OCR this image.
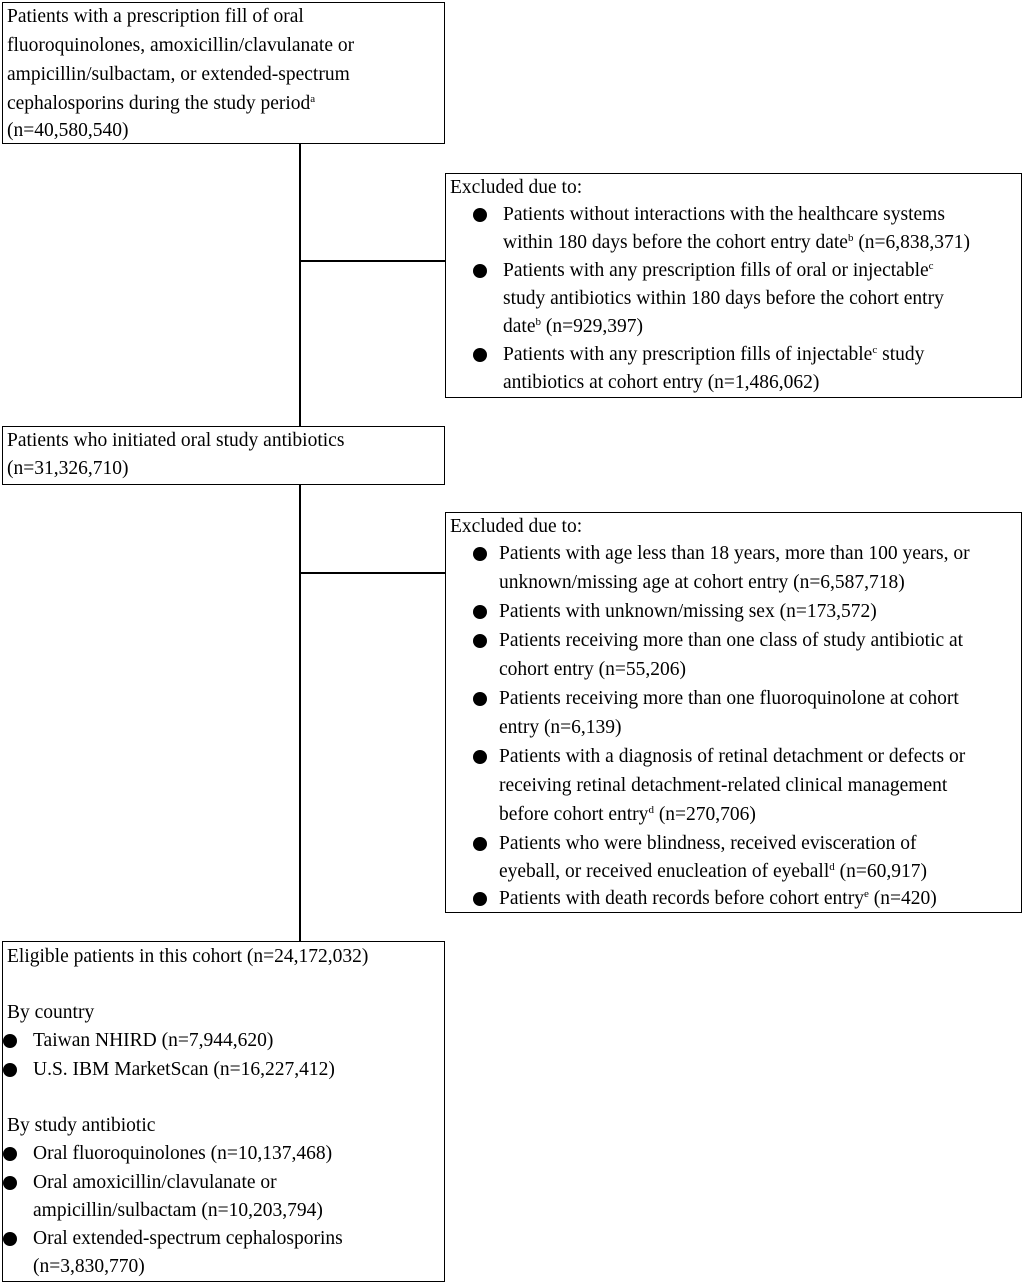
Patients with a prescription fill of oral
fluoroquinolones, amoxicillin/clavulanate or
ampicillin/sulbactam, or extended-spectrum
cephalosporins during the study period$^a$
(n=40,580,540)
Excluded due to:
Patients without interactions with the healthcare systems
within 180 days before the cohort entry date$^b$ (n=6,838,371)
Patients with any prescription fills of oral or injectable$^c$
study antibiotics within 180 days before the cohort entry
date$^b$ (n=929,397)
Patients with any prescription fills of injectable$^c$ study
antibiotics at cohort entry (n=1,486,062)
Patients who initiated oral study antibiotics
(n=31,326,710)
Excluded due to:
Patients with age less than 18 years, more than 100 years, or
unknown/missing age at cohort entry (n=6,587,718)
Patients with unknown/missing sex (n=173,572)
Patients receiving more than one class of study antibiotic at
cohort entry (n=55,206)
Patients receiving more than one fluoroquinolone at cohort
entry (n=6,139)
Patients with a diagnosis of retinal detachment or defects or
receiving retinal detachment-related clinical management
before cohort entry$^d$ (n=270,706)
Patients who were blindness, received evisceration of
eyeball, or received enucleation of eyeball$^d$ (n=60,917)
Patients with death records before cohort entry$^e$ (n=420)
Eligible patients in this cohort (n=24,172,032)
By country
Taiwan NHIRD (n=7,944,620)
U.S. IBM MarketScan (n=16,227,412)
By study antibiotic
Oral fluoroquinolones (n=10,137,468)
Oral amoxicillin/clavulanate or
ampicillin/sulbactam (n=10,203,794)
Oral extended-spectrum cephalosporins
(n=3,830,770)
